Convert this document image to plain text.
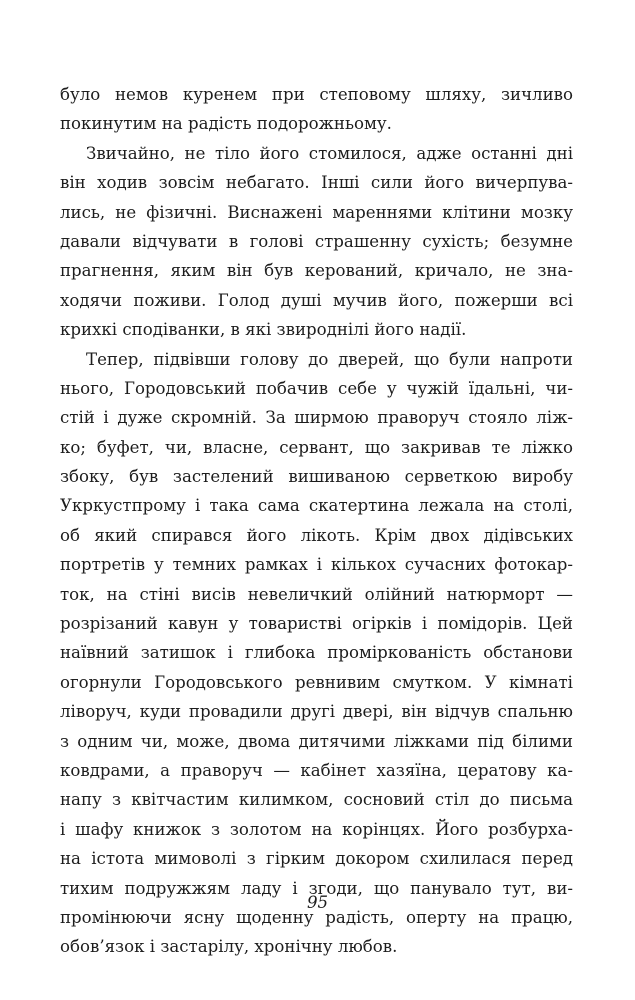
було немов куренем при степовому шляху, зичливо
покинутим на радість подорожньому.
Звичайно, не тіло його стомилося, адже останні дні
він ходив зовсім небагато. Інші сили його вичерпува-
лись, не фізичні. Виснажені мареннями клітини мозку
давали відчувати в голові страшенну сухість; безумне
прагнення, яким він був керований, кричало, не зна-
ходячи поживи. Голод душі мучив його, пожерши всі
крихкі сподіванки, в які звироднілі його надії.
Тепер, підвівши голову до дверей, що були напроти
нього, Городовський побачив себе у чужій їдальні, чи-
стій і дуже скромній. За ширмою праворуч стояло ліж-
ко; буфет, чи, власне, сервант, що закривав те ліжко
збоку, був застелений вишиваною серветкою виробу
Укркустпрому і така сама скатертина лежала на столі,
об який спирався його лікоть. Крім двох дідівських
портретів у темних рамках і кількох сучасних фотокар-
ток, на стіні висів невеличкий олійний натюрморт —
розрізаний кавун у товаристві огірків і помідорів. Цей
наївний затишок і глибока проміркованість обстанови
огорнули Городовського ревнивим смутком. У кімнаті
ліворуч, куди провадили другі двері, він відчув спальню
з одним чи, може, двома дитячими ліжками під білими
ковдрами, а праворуч — кабінет хазяїна, цератову ка-
напу з квітчастим килимком, сосновий стіл до письма
і шафу книжок з золотом на корінцях. Його розбурха-
на істота мимоволі з гірким докором схилилася перед
тихим подружжям ладу і згоди, що панувало тут, ви-
промінюючи ясну щоденну радість, оперту на працю,
обов’язок і застарілу, хронічну любов.
95
